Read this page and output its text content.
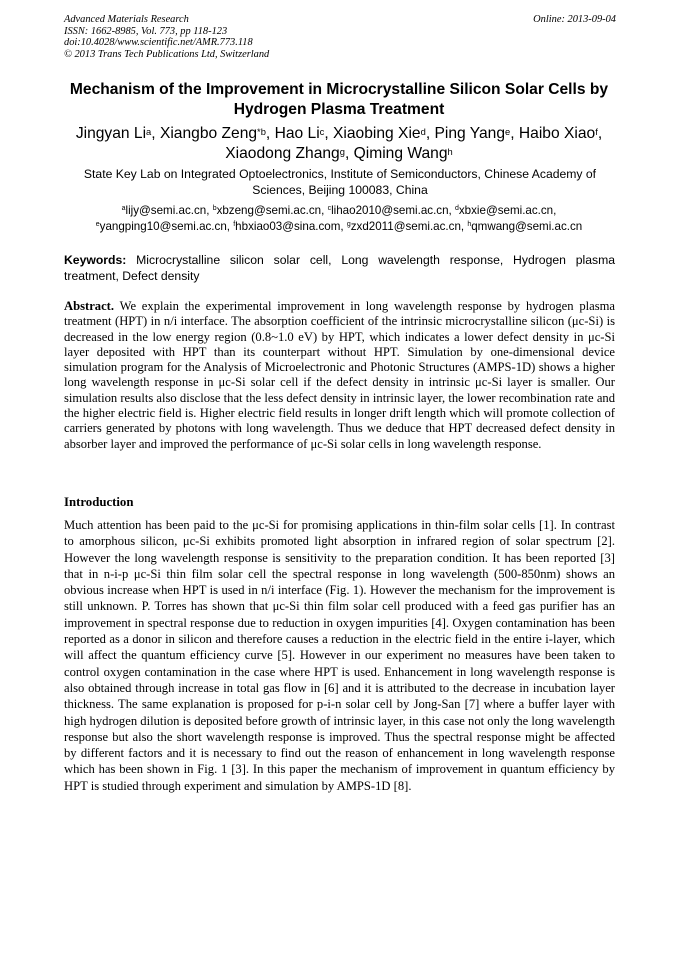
Advanced Materials Research
ISSN: 1662-8985, Vol. 773, pp 118-123
doi:10.4028/www.scientific.net/AMR.773.118
© 2013 Trans Tech Publications Ltd, Switzerland
Online: 2013-09-04
Mechanism of the Improvement in Microcrystalline Silicon Solar Cells by Hydrogen Plasma Treatment
Jingyan Li$^a$, Xiangbo Zeng$^{*b}$, Hao Li$^c$, Xiaobing Xie$^d$, Ping Yang$^e$, Haibo Xiao$^f$,
Xiaodong Zhang$^g$, Qiming Wang$^h$
State Key Lab on Integrated Optoelectronics, Institute of Semiconductors, Chinese Academy of Sciences, Beijing 100083, China
$^a$lijy@semi.ac.cn, $^b$xbzeng@semi.ac.cn, $^c$lihao2010@semi.ac.cn, $^d$xbxie@semi.ac.cn,
$^e$yangping10@semi.ac.cn, $^f$hbxiao03@sina.com, $^g$zxd2011@semi.ac.cn, $^h$qmwang@semi.ac.cn
Keywords: Microcrystalline silicon solar cell, Long wavelength response, Hydrogen plasma treatment, Defect density
Abstract. We explain the experimental improvement in long wavelength response by hydrogen plasma treatment (HPT) in n/i interface. The absorption coefficient of the intrinsic microcrystalline silicon (μc-Si) is decreased in the low energy region (0.8~1.0 eV) by HPT, which indicates a lower defect density in μc-Si layer deposited with HPT than its counterpart without HPT. Simulation by one-dimensional device simulation program for the Analysis of Microelectronic and Photonic Structures (AMPS-1D) shows a higher long wavelength response in μc-Si solar cell if the defect density in intrinsic μc-Si layer is smaller. Our simulation results also disclose that the less defect density in intrinsic layer, the lower recombination rate and the higher electric field is. Higher electric field results in longer drift length which will promote collection of carriers generated by photons with long wavelength. Thus we deduce that HPT decreased defect density in absorber layer and improved the performance of μc-Si solar cells in long wavelength response.
Introduction

Much attention has been paid to the μc-Si for promising applications in thin-film solar cells [1]. In contrast to amorphous silicon, μc-Si exhibits promoted light absorption in infrared region of solar spectrum [2]. However the long wavelength response is sensitivity to the preparation condition. It has been reported [3] that in n-i-p μc-Si thin film solar cell the spectral response in long wavelength (500-850nm) shows an obvious increase when HPT is used in n/i interface (Fig. 1). However the mechanism for the improvement is still unknown. P. Torres has shown that μc-Si thin film solar cell produced with a feed gas purifier has an improvement in spectral response due to reduction in oxygen impurities [4]. Oxygen contamination has been reported as a donor in silicon and therefore causes a reduction in the electric field in the entire i-layer, which will affect the quantum efficiency curve [5]. However in our experiment no measures have been taken to control oxygen contamination in the case where HPT is used. Enhancement in long wavelength response is also obtained through increase in total gas flow in [6] and it is attributed to the decrease in incubation layer thickness. The same explanation is proposed for p-i-n solar cell by Jong-San [7] where a buffer layer with high hydrogen dilution is deposited before growth of intrinsic layer, in this case not only the long wavelength response but also the short wavelength response is improved. Thus the spectral response might be affected by different factors and it is necessary to find out the reason of enhancement in long wavelength response which has been shown in Fig. 1 [3]. In this paper the mechanism of improvement in quantum efficiency by HPT is studied through experiment and simulation by AMPS-1D [8].
